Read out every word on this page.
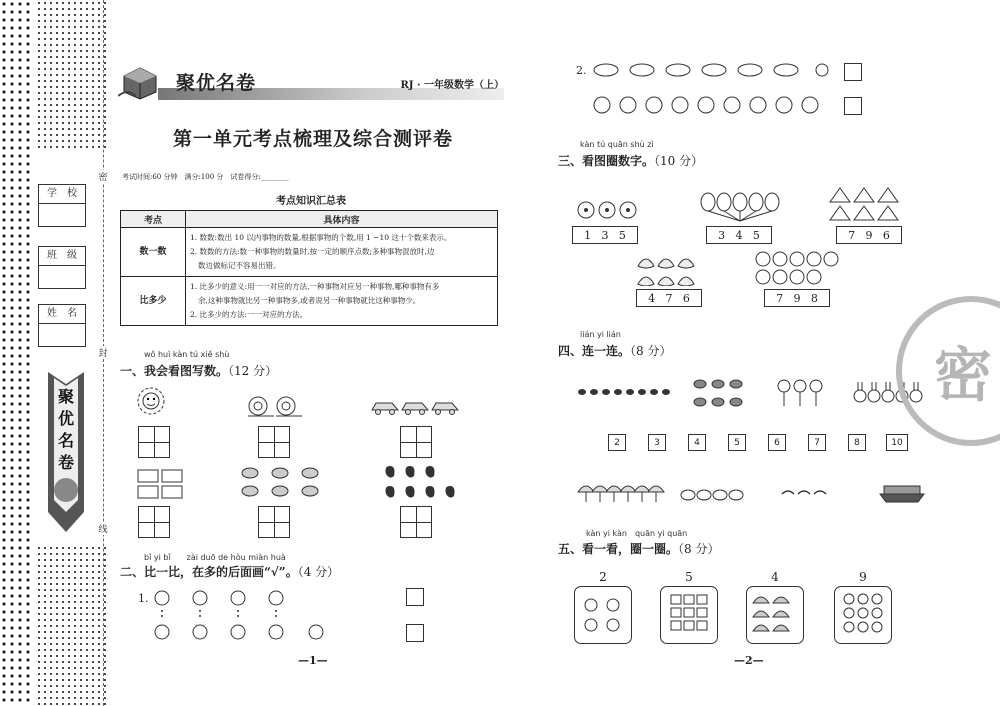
密
封
线
学　校
班　级
姓　名
聚
优
名
卷
聚优名卷	RJ · 一年级数学（上）
第一单元考点梳理及综合测评卷
考试时间:60 分钟　满分:100 分　试卷得分:________
考点知识汇总表
考点	具体内容
数一数	1. 数数:数出 10 以内事物的数量,根据事物的个数,用 1 ~10 这十个数来表示。
2. 数数的方法:数一种事物的数量时,按一定的顺序点数;多种事物混放时,边
数边做标记不容易出错。

比多少	1. 比多少的意义:用一一对应的方法,一种事物对应另一种事物,哪种事物有多
余,这种事物就比另一种事物多,或者说另一种事物就比这种事物少。
2. 比多少的方法:一一对应的方法。
wǒ huì kàn tú xiě shù
一、我会看图写数。（12 分）
bǐ yi bǐ　　zài duō de hòu miàn huà
二、比一比，在多的后面画“√”。（4 分）
1.
—1—
2.
kàn tú quān shù zì
三、看图圈数字。（10 分）
1 3 5	3 4 5	7 9 6
4 7 6	7 9 8
lián yi lián
四、连一连。（8 分）
2	3	4	5	6	7	8	10
kàn yi kàn　quān yi quān
五、看一看，圈一圈。（8 分）
2	5	4	9
—2—
密
